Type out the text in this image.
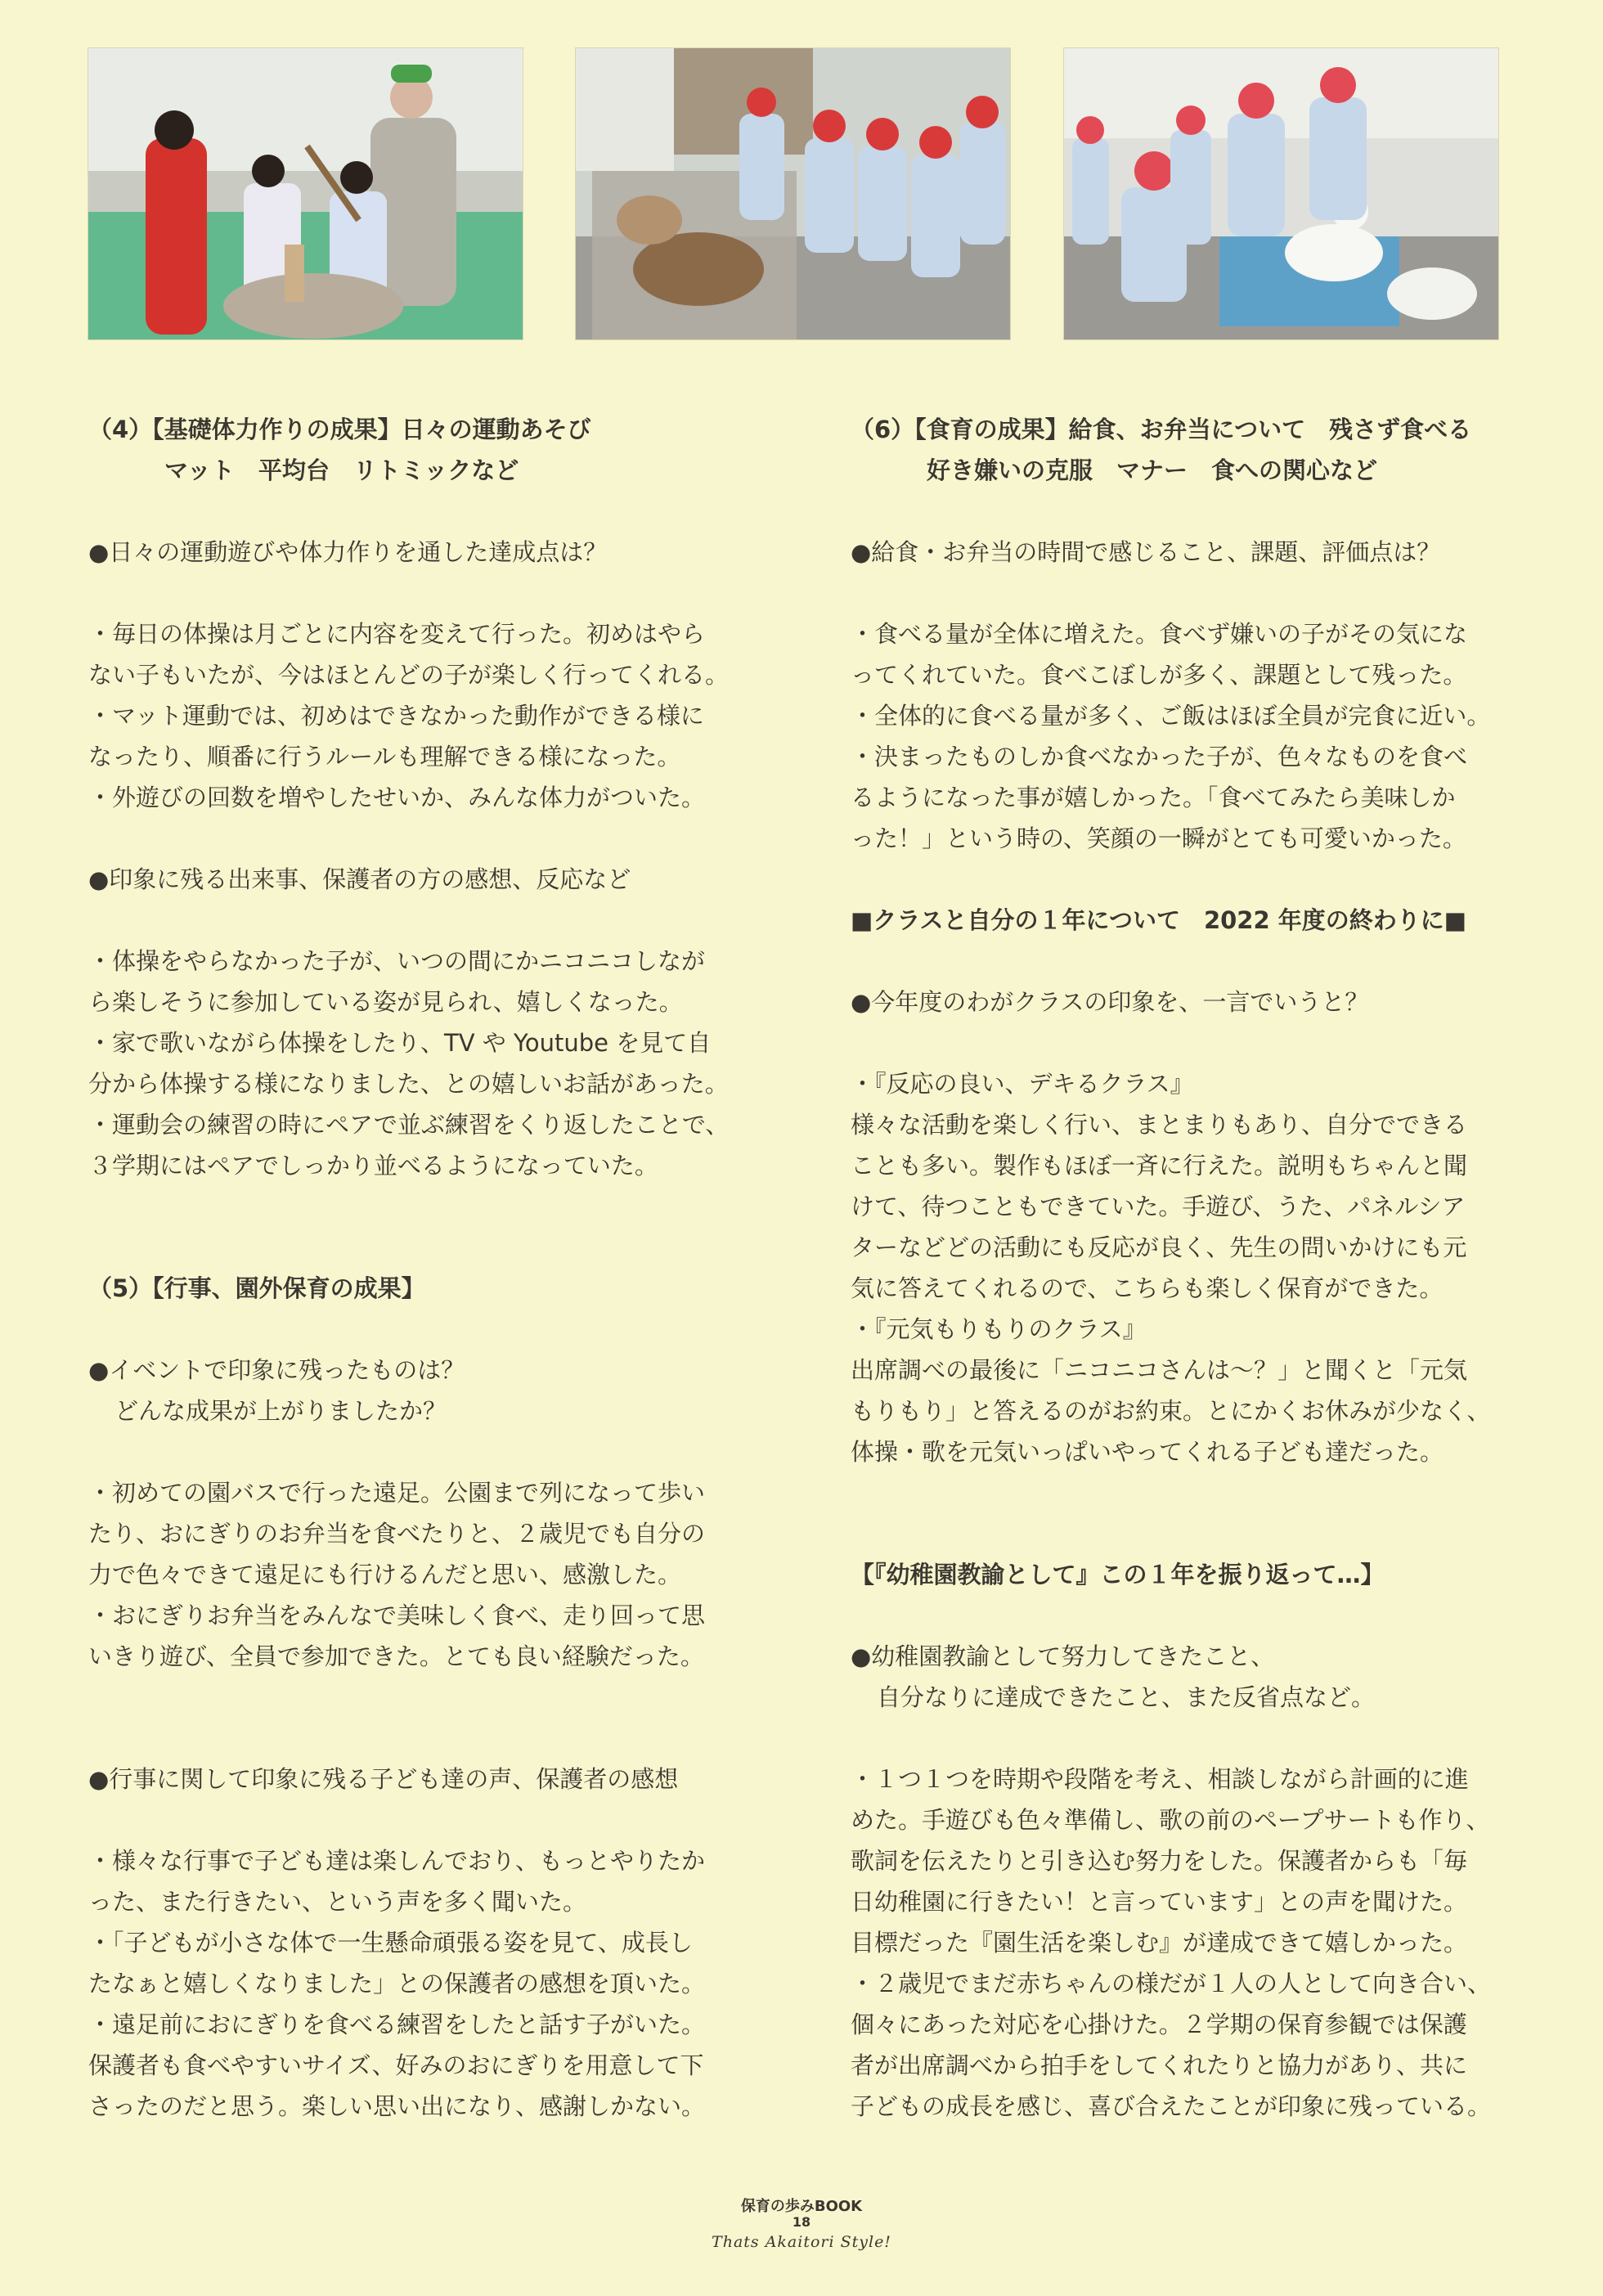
（4）【基礎体力作りの成果】日々の運動あそび

マット　平均台　リトミックなど

●日々の運動遊びや体力作りを通した達成点は？

・毎日の体操は月ごとに内容を変えて行った。初めはやら

ない子もいたが、今はほとんどの子が楽しく行ってくれる。

・マット運動では、初めはできなかった動作ができる様に

なったり、順番に行うルールも理解できる様になった。

・外遊びの回数を増やしたせいか、みんな体力がついた。

●印象に残る出来事、保護者の方の感想、反応など

・体操をやらなかった子が、いつの間にかニコニコしなが

ら楽しそうに参加している姿が見られ、嬉しくなった。

・家で歌いながら体操をしたり、TV や Youtube を見て自

分から体操する様になりました、との嬉しいお話があった。

・運動会の練習の時にペアで並ぶ練習をくり返したことで、

３学期にはペアでしっかり並べるようになっていた。

（5）【行事、園外保育の成果】

●イベントで印象に残ったものは？

どんな成果が上がりましたか？

・初めての園バスで行った遠足。公園まで列になって歩い

たり、おにぎりのお弁当を食べたりと、２歳児でも自分の

力で色々できて遠足にも行けるんだと思い、感激した。

・おにぎりお弁当をみんなで美味しく食べ、走り回って思

いきり遊び、全員で参加できた。とても良い経験だった。

●行事に関して印象に残る子ども達の声、保護者の感想

・様々な行事で子ども達は楽しんでおり、もっとやりたか

った、また行きたい、という声を多く聞いた。

・「子どもが小さな体で一生懸命頑張る姿を見て、成長し

たなぁと嬉しくなりました」との保護者の感想を頂いた。

・遠足前におにぎりを食べる練習をしたと話す子がいた。

保護者も食べやすいサイズ、好みのおにぎりを用意して下

さったのだと思う。楽しい思い出になり、感謝しかない。

（6）【食育の成果】給食、お弁当について　残さず食べる

好き嫌いの克服　マナー　食への関心など

●給食・お弁当の時間で感じること、課題、評価点は？

・食べる量が全体に増えた。食べず嫌いの子がその気にな

ってくれていた。食べこぼしが多く、課題として残った。

・全体的に食べる量が多く、ご飯はほぼ全員が完食に近い。

・決まったものしか食べなかった子が、色々なものを食べ

るようになった事が嬉しかった。「食べてみたら美味しか

った！」という時の、笑顔の一瞬がとても可愛いかった。

■クラスと自分の１年について　2022 年度の終わりに■

●今年度のわがクラスの印象を、一言でいうと？

・『反応の良い、デキるクラス』

様々な活動を楽しく行い、まとまりもあり、自分でできる

ことも多い。製作もほぼ一斉に行えた。説明もちゃんと聞

けて、待つこともできていた。手遊び、うた、パネルシア

ターなどどの活動にも反応が良く、先生の問いかけにも元

気に答えてくれるので、こちらも楽しく保育ができた。

・『元気もりもりのクラス』

出席調べの最後に「ニコニコさんは〜？」と聞くと「元気

もりもり」と答えるのがお約束。とにかくお休みが少なく、

体操・歌を元気いっぱいやってくれる子ども達だった。

【『幼稚園教諭として』この１年を振り返って…】

●幼稚園教諭として努力してきたこと、

自分なりに達成できたこと、また反省点など。

・１つ１つを時期や段階を考え、相談しながら計画的に進

めた。手遊びも色々準備し、歌の前のペープサートも作り、

歌詞を伝えたりと引き込む努力をした。保護者からも「毎

日幼稚園に行きたい！と言っています」との声を聞けた。

目標だった『園生活を楽しむ』が達成できて嬉しかった。

・２歳児でまだ赤ちゃんの様だが１人の人として向き合い、

個々にあった対応を心掛けた。２学期の保育参観では保護

者が出席調べから拍手をしてくれたりと協力があり、共に

子どもの成長を感じ、喜び合えたことが印象に残っている。

保育の歩みBOOK
18
Thats Akaitori Style!
